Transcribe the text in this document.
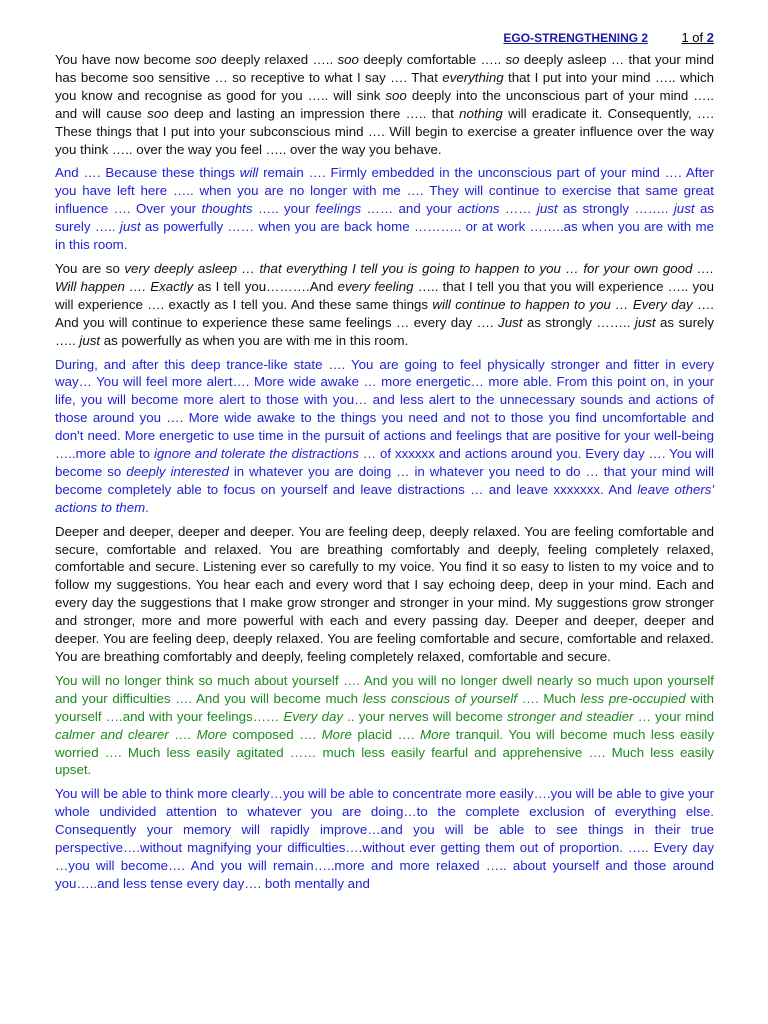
EGO-STRENGTHENING 2	1 of 2

You have now become soo deeply relaxed ….. soo deeply comfortable ….. so deeply asleep … that your mind has become soo sensitive … so receptive to what I say …. That everything that I put into your mind ….. which you know and recognise as good for you ….. will sink soo deeply into the unconscious part of your mind ….. and will cause soo deep and lasting an impression there ….. that nothing will eradicate it. Consequently, …. These things that I put into your subconscious mind …. Will begin to exercise a greater influence over the way you think ….. over the way you feel ….. over the way you behave.

And …. Because these things will remain …. Firmly embedded in the unconscious part of your mind …. After you have left here ….. when you are no longer with me …. They will continue to exercise that same great influence …. Over your thoughts ….. your feelings …… and your actions …… just as strongly …….. just as surely ….. just as powerfully …… when you are back home ……….. or at work ……..as when you are with me in this room.

You are so very deeply asleep … that everything I tell you is going to happen to you … for your own good …. Will happen …. Exactly as I tell you……….And every feeling ….. that I tell you that you will experience ….. you will experience …. exactly as I tell you. And these same things will continue to happen to you … Every day …. And you will continue to experience these same feelings … every day …. Just as strongly …….. just as surely ….. just as powerfully as when you are with me in this room.

During, and after this deep trance-like state …. You are going to feel physically stronger and fitter in every way… You will feel more alert…. More wide awake … more energetic… more able. From this point on, in your life, you will become more alert to those with you… and less alert to the unnecessary sounds and actions of those around you …. More wide awake to the things you need and not to those you find uncomfortable and don't need. More energetic to use time in the pursuit of actions and feelings that are positive for your well-being …..more able to ignore and tolerate the distractions … of xxxxxx and actions around you. Every day …. You will become so deeply interested in whatever you are doing … in whatever you need to do … that your mind will become completely able to focus on yourself and leave distractions … and leave xxxxxxx. And leave others' actions to them.

Deeper and deeper, deeper and deeper. You are feeling deep, deeply relaxed. You are feeling comfortable and secure, comfortable and relaxed. You are breathing comfortably and deeply, feeling completely relaxed, comfortable and secure. Listening ever so carefully to my voice. You find it so easy to listen to my voice and to follow my suggestions. You hear each and every word that I say echoing deep, deep in your mind. Each and every day the suggestions that I make grow stronger and stronger in your mind. My suggestions grow stronger and stronger, more and more powerful with each and every passing day. Deeper and deeper, deeper and deeper. You are feeling deep, deeply relaxed. You are feeling comfortable and secure, comfortable and relaxed. You are breathing comfortably and deeply, feeling completely relaxed, comfortable and secure.

You will no longer think so much about yourself …. And you will no longer dwell nearly so much upon yourself and your difficulties …. And you will become much less conscious of yourself …. Much less pre-occupied with yourself ….and with your feelings…… Every day .. your nerves will become stronger and steadier … your mind calmer and clearer …. More composed …. More placid …. More tranquil. You will become much less easily worried …. Much less easily agitated …… much less easily fearful and apprehensive …. Much less easily upset.

You will be able to think more clearly…you will be able to concentrate more easily….you will be able to give your whole undivided attention to whatever you are doing…to the complete exclusion of everything else. Consequently your memory will rapidly improve…and you will be able to see things in their true perspective….without magnifying your difficulties….without ever getting them out of proportion. ….. Every day …you will become…. And you will remain…..more and more relaxed ….. about yourself and those around you…..and less tense every day…. both mentally and
